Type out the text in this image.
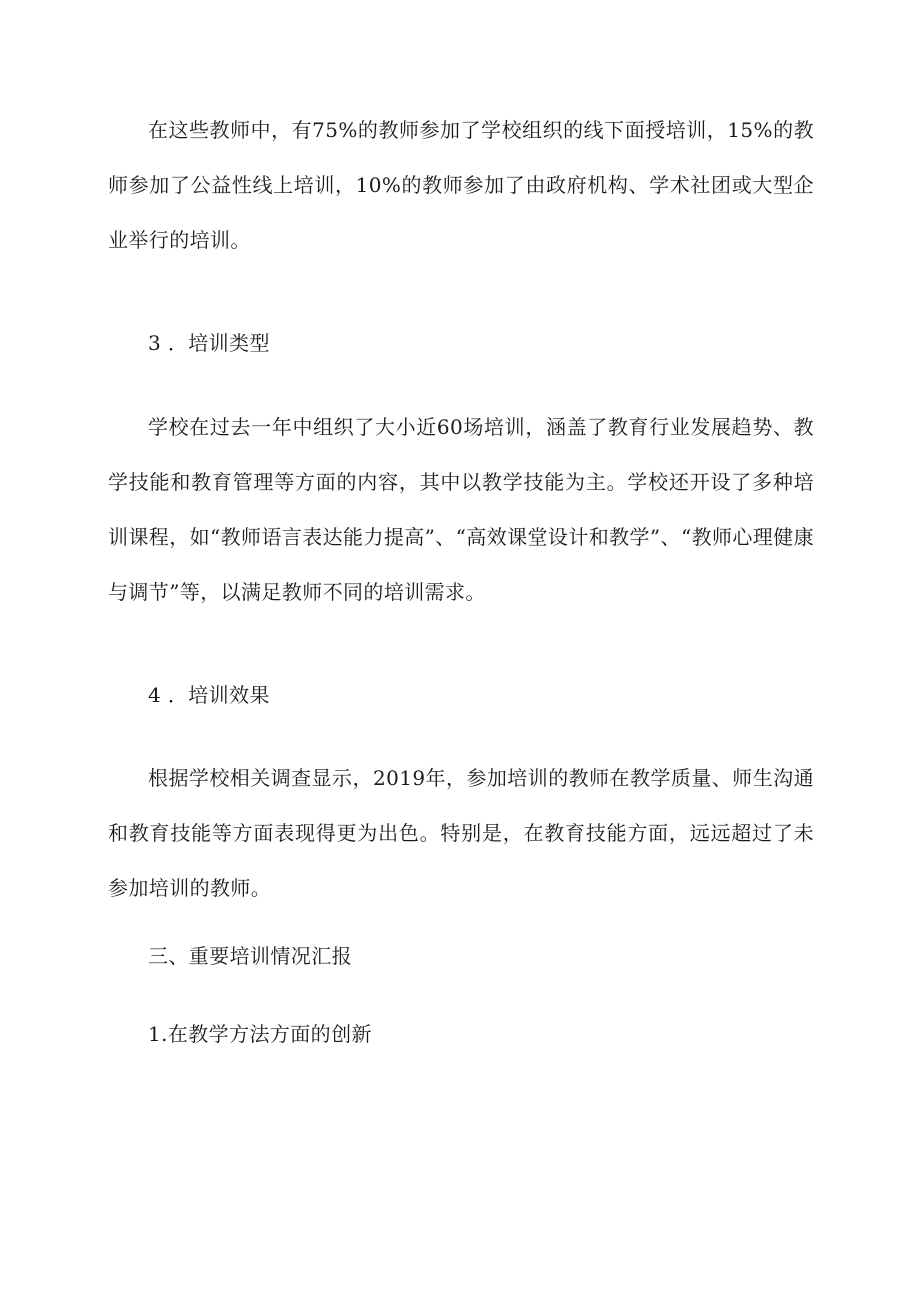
在这些教师中，有75%的教师参加了学校组织的线下面授培训，15%的教师参加了公益性线上培训，10%的教师参加了由政府机构、学术社团或大型企业举行的培训。

3 ．培训类型

学校在过去一年中组织了大小近60场培训，涵盖了教育行业发展趋势、教学技能和教育管理等方面的内容，其中以教学技能为主。学校还开设了多种培训课程，如“教师语言表达能力提高”、“高效课堂设计和教学”、“教师心理健康与调节”等，以满足教师不同的培训需求。

4 ．培训效果

根据学校相关调查显示，2019年，参加培训的教师在教学质量、师生沟通和教育技能等方面表现得更为出色。特别是，在教育技能方面，远远超过了未参加培训的教师。

三、重要培训情况汇报

1.在教学方法方面的创新
